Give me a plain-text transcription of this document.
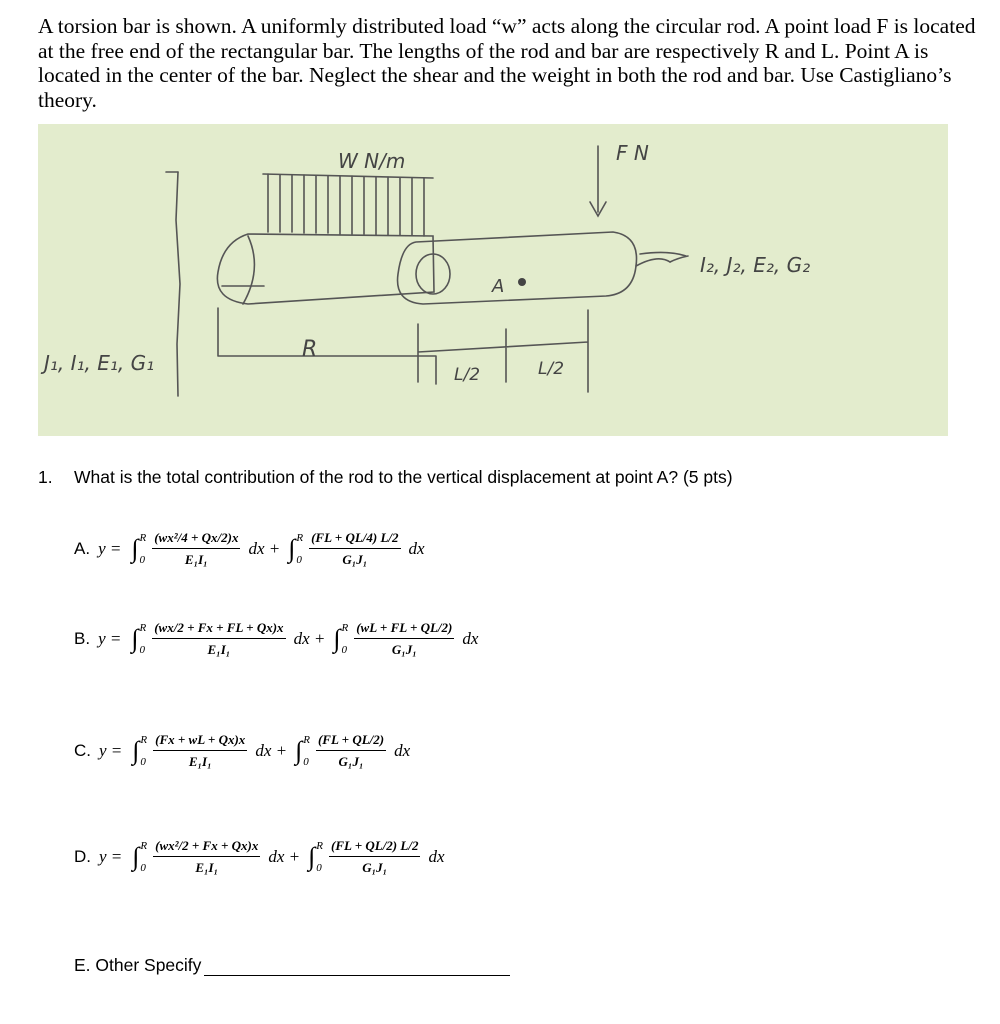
A torsion bar is shown. A uniformly distributed load “w” acts along the circular rod. A point load F is located at the free end of the rectangular bar. The lengths of the rod and bar are respectively R and L. Point A is located in the center of the bar. Neglect the shear and the weight in both the rod and bar. Use Castigliano’s theory.

W N/m	F N
I₂, J₂, E₂, G₂
J₁, I₁, E₁, G₁
R
A
L/2	L/2
1. What is the total contribution of the rod to the vertical displacement at point A? (5 pts)
A. y = ∫ R
$0 \frac{\text{(wx²/4 + Qx/2)x}}{\text{E₁I₁}}$ dx + ∫ R
$0 \frac{(FL + QL/4) L/2}{\text{G₁J₁}}$ dx
B. y = ∫ R
$0 \frac{(wx/2 + Fx + FL + Qx)x}{\text{E₁I₁}}$ dx + ∫ R
$0 \frac{(wL + FL + QL/2)}{\text{G₁J₁}}$ dx
C. y = ∫ R
$0 \frac{(Fx + wL + Qx)x}{\text{E₁I₁}}$ dx + ∫ R
$0 \frac{(FL + QL/2)}{\text{G₁J₁}}$ dx
D. y = ∫ R
$0 \frac{\text{(wx²/2 + Fx + Qx)x}}{\text{E₁I₁}}$ dx + ∫ R
$0 \frac{(FL + QL/2) L/2}{\text{G₁J₁}}$ dx
E. Other Specify
